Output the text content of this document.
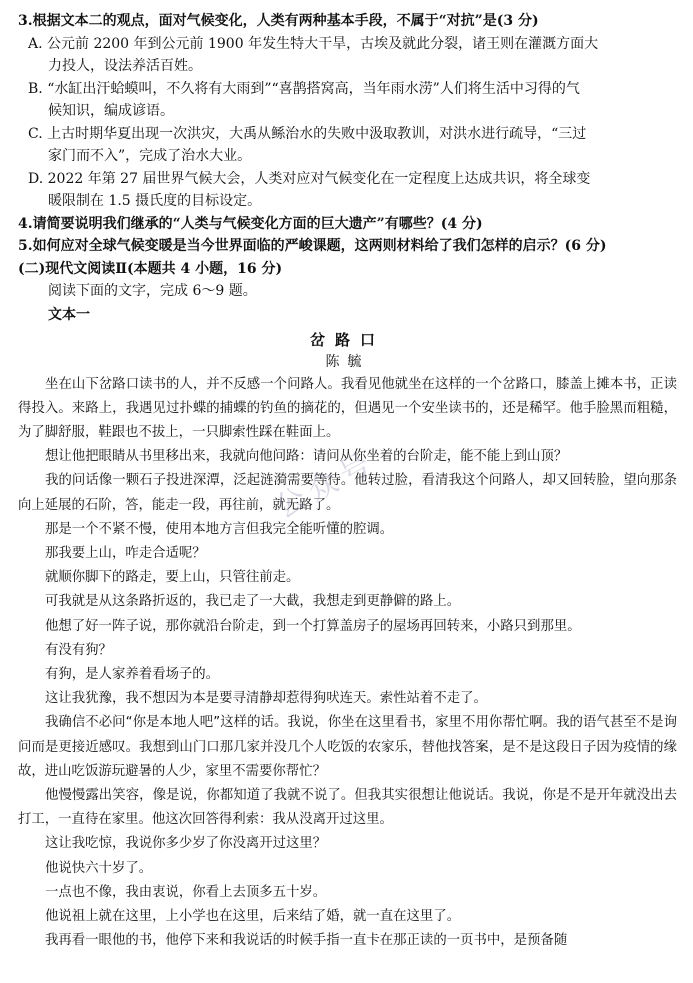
3.根据文本二的观点，面对气候变化，人类有两种基本手段，不属于“对抗”是(3 分)

A. 公元前 2200 年到公元前 1900 年发生特大干旱，古埃及就此分裂，诸王则在灌溉方面大
力投人，设法养活百姓。

B. “水缸出汗蛤蟆叫，不久将有大雨到”“喜鹊搭窝高，当年雨水涝”人们将生活中习得的气
候知识，编成谚语。

C. 上古时期华夏出现一次洪灾，大禹从鲧治水的失败中汲取教训，对洪水进行疏导，“三过
家门而不入”，完成了治水大业。

D. 2022 年第 27 届世界气候大会，人类对应对气候变化在一定程度上达成共识，将全球变
暖限制在 1.5 摄氏度的目标设定。

4.请简要说明我们继承的“人类与气候变化方面的巨大遗产”有哪些？(4 分)

5.如何应对全球气候变暖是当今世界面临的严峻课题，这两则材料给了我们怎样的启示？(6 分)

(二)现代文阅读Ⅱ(本题共 4 小题，16 分)

阅读下面的文字，完成 6～9 题。

文本一

岔路口

陈毓

坐在山下岔路口读书的人，并不反感一个问路人。我看见他就坐在这样的一个岔路口，膝盖上摊本书，正读得投入。来路上，我遇见过扑蝶的捕蝶的钓鱼的摘花的，但遇见一个安坐读书的，还是稀罕。他手脸黑而粗糙，为了脚舒服，鞋跟也不拔上，一只脚索性踩在鞋面上。

想让他把眼睛从书里移出来，我就向他问路：请问从你坐着的台阶走，能不能上到山顶？

我的问话像一颗石子投进深潭，泛起涟漪需要等待。他转过脸，看清我这个问路人，却又回转脸，望向那条向上延展的石阶，答，能走一段，再往前，就无路了。

那是一个不紧不慢，使用本地方言但我完全能听懂的腔调。

那我要上山，咋走合适呢？

就顺你脚下的路走，要上山，只管往前走。

可我就是从这条路折返的，我已走了一大截，我想走到更静僻的路上。

他想了好一阵子说，那你就沿台阶走，到一个打算盖房子的屋场再回转来，小路只到那里。

有没有狗？

有狗，是人家养着看场子的。

这让我犹豫，我不想因为本是要寻清静却惹得狗吠连天。索性站着不走了。

我确信不必问“你是本地人吧”这样的话。我说，你坐在这里看书，家里不用你帮忙啊。我的语气甚至不是询问而是更接近感叹。我想到山门口那几家并没几个人吃饭的农家乐，替他找答案，是不是这段日子因为疫情的缘故，进山吃饭游玩避暑的人少，家里不需要你帮忙？

他慢慢露出笑容，像是说，你都知道了我就不说了。但我其实很想让他说话。我说，你是不是开年就没出去打工，一直待在家里。他这次回答得利索：我从没离开过这里。

这让我吃惊，我说你多少岁了你没离开过这里？

他说快六十岁了。

一点也不像，我由衷说，你看上去顶多五十岁。

他说祖上就在这里，上小学也在这里，后来结了婚，就一直在这里了。

我再看一眼他的书，他停下来和我说话的时候手指一直卡在那正读的一页书中，是预备随

公众号
